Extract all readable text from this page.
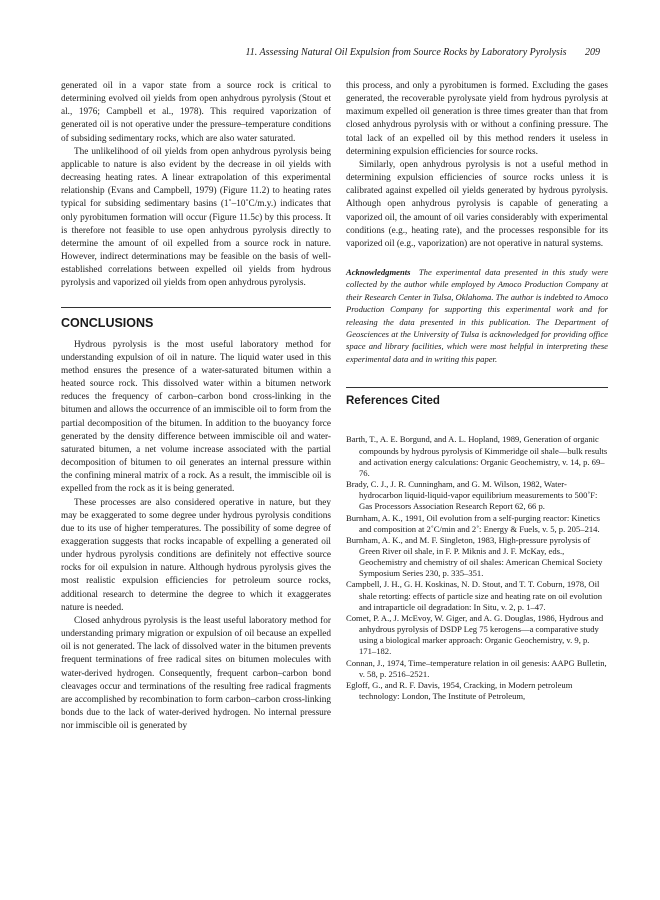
11. Assessing Natural Oil Expulsion from Source Rocks by Laboratory Pyrolysis 209

generated oil in a vapor state from a source rock is critical to determining evolved oil yields from open anhydrous pyrolysis (Stout et al., 1976; Campbell et al., 1978). This required vaporization of generated oil is not operative under the pressure–temperature conditions of subsiding sedimentary rocks, which are also water saturated.

The unlikelihood of oil yields from open anhydrous pyrolysis being applicable to nature is also evident by the decrease in oil yields with decreasing heating rates. A linear extrapolation of this experimental relationship (Evans and Campbell, 1979) (Figure 11.2) to heating rates typical for subsiding sedimentary basins (1˚–10˚C/m.y.) indicates that only pyrobitumen formation will occur (Figure 11.5c) by this process. It is therefore not feasible to use open anhydrous pyrolysis directly to determine the amount of oil expelled from a source rock in nature. However, indirect determinations may be feasible on the basis of well-established correlations between expelled oil yields from hydrous pyrolysis and vaporized oil yields from open anhydrous pyrolysis.

CONCLUSIONS

Hydrous pyrolysis is the most useful laboratory method for understanding expulsion of oil in nature. The liquid water used in this method ensures the presence of a water-saturated bitumen within a heated source rock. This dissolved water within a bitumen network reduces the frequency of carbon–carbon bond cross-linking in the bitumen and allows the occurrence of an immiscible oil to form from the partial decomposition of the bitumen. In addition to the buoyancy force generated by the density difference between immiscible oil and water-saturated bitumen, a net volume increase associated with the partial decomposition of bitumen to oil generates an internal pressure within the confining mineral matrix of a rock. As a result, the immiscible oil is expelled from the rock as it is being generated.

These processes are also considered operative in nature, but they may be exaggerated to some degree under hydrous pyrolysis conditions due to its use of higher temperatures. The possibility of some degree of exaggeration suggests that rocks incapable of expelling a generated oil under hydrous pyrolysis conditions are definitely not effective source rocks for oil expulsion in nature. Although hydrous pyrolysis gives the most realistic expulsion efficiencies for petroleum source rocks, additional research to determine the degree to which it exaggerates nature is needed.

Closed anhydrous pyrolysis is the least useful laboratory method for understanding primary migration or expulsion of oil because an expelled oil is not generated. The lack of dissolved water in the bitumen prevents frequent terminations of free radical sites on bitumen molecules with water-derived hydrogen. Consequently, frequent carbon–carbon bond cleavages occur and terminations of the resulting free radical fragments are accomplished by recombination to form carbon–carbon cross-linking bonds due to the lack of water-derived hydrogen. No internal pressure nor immiscible oil is generated by

this process, and only a pyrobitumen is formed. Excluding the gases generated, the recoverable pyrolysate yield from hydrous pyrolysis at maximum expelled oil generation is three times greater than that from closed anhydrous pyrolysis with or without a confining pressure. The total lack of an expelled oil by this method renders it useless in determining expulsion efficiencies for source rocks.

Similarly, open anhydrous pyrolysis is not a useful method in determining expulsion efficiencies of source rocks unless it is calibrated against expelled oil yields generated by hydrous pyrolysis. Although open anhydrous pyrolysis is capable of generating a vaporized oil, the amount of oil varies considerably with experimental conditions (e.g., heating rate), and the processes responsible for its vaporized oil (e.g., vaporization) are not operative in natural systems.

Acknowledgments The experimental data presented in this study were collected by the author while employed by Amoco Production Company at their Research Center in Tulsa, Oklahoma. The author is indebted to Amoco Production Company for supporting this experimental work and for releasing the data presented in this publication. The Department of Geosciences at the University of Tulsa is acknowledged for providing office space and library facilities, which were most helpful in interpreting these experimental data and in writing this paper.

References Cited

Barth, T., A. E. Borgund, and A. L. Hopland, 1989, Generation of organic compounds by hydrous pyrolysis of Kimmeridge oil shale—bulk results and activation energy calculations: Organic Geochemistry, v. 14, p. 69–76.

Brady, C. J., J. R. Cunningham, and G. M. Wilson, 1982, Water-hydrocarbon liquid-liquid-vapor equilibrium measurements to 500˚F: Gas Processors Association Research Report 62, 66 p.

Burnham, A. K., 1991, Oil evolution from a self-purging reactor: Kinetics and composition at 2˚C/min and 2˚: Energy & Fuels, v. 5, p. 205–214.

Burnham, A. K., and M. F. Singleton, 1983, High-pressure pyrolysis of Green River oil shale, in F. P. Miknis and J. F. McKay, eds., Geochemistry and chemistry of oil shales: American Chemical Society Symposium Series 230, p. 335–351.

Campbell, J. H., G. H. Koskinas, N. D. Stout, and T. T. Coburn, 1978, Oil shale retorting: effects of particle size and heating rate on oil evolution and intraparticle oil degradation: In Situ, v. 2, p. 1–47.

Comet, P. A., J. McEvoy, W. Giger, and A. G. Douglas, 1986, Hydrous and anhydrous pyrolysis of DSDP Leg 75 kerogens—a comparative study using a biological marker approach: Organic Geochemistry, v. 9, p. 171–182.

Connan, J., 1974, Time–temperature relation in oil genesis: AAPG Bulletin, v. 58, p. 2516–2521.

Egloff, G., and R. F. Davis, 1954, Cracking, in Modern petroleum technology: London, The Institute of Petroleum,
